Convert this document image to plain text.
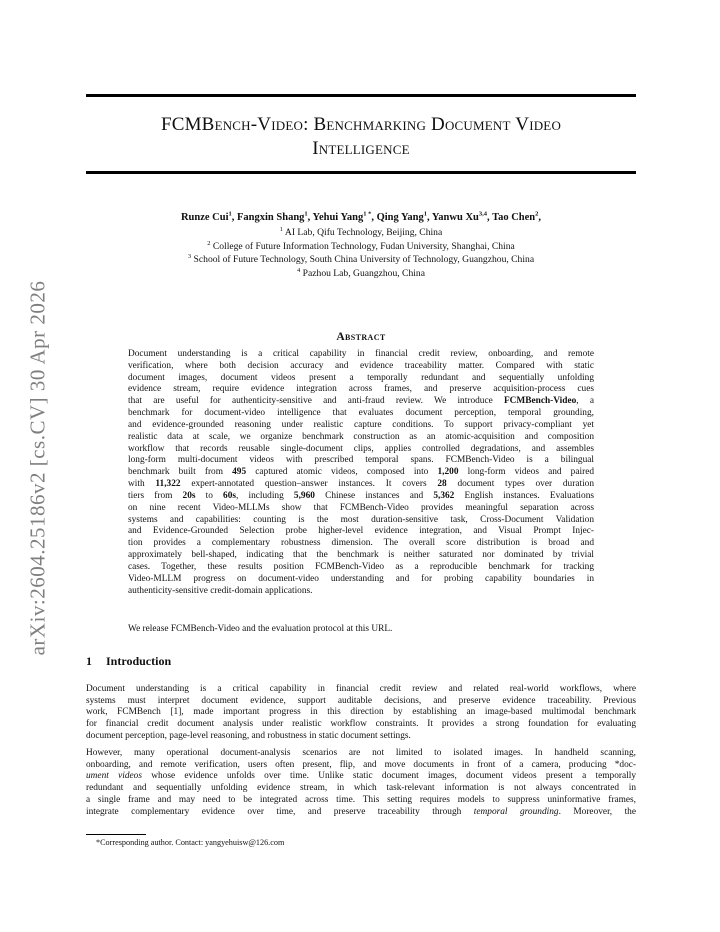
arXiv:2604.25186v2 [cs.CV] 30 Apr 2026
FCMBench-Video: Benchmarking Document Video
Intelligence
Runze Cui$^1$, Fangxin Shang$^1$, Yehui Yang$^{1 *}$, Qing Yang$^1$, Yanwu Xu$^{3,4}$, Tao Chen$^2$,
$^1$ AI Lab, Qifu Technology, Beijing, China
$^2$ College of Future Information Technology, Fudan University, Shanghai, China
$^3$ School of Future Technology, South China University of Technology, Guangzhou, China
$^4$ Pazhou Lab, Guangzhou, China
Abstract
Document understanding is a critical capability in financial credit review, onboarding, and remote
verification, where both decision accuracy and evidence traceability matter. Compared with static
document images, document videos present a temporally redundant and sequentially unfolding
evidence stream, require evidence integration across frames, and preserve acquisition-process cues
that are useful for authenticity-sensitive and anti-fraud review. We introduce FCMBench-Video, a
benchmark for document-video intelligence that evaluates document perception, temporal grounding,
and evidence-grounded reasoning under realistic capture conditions. To support privacy-compliant yet
realistic data at scale, we organize benchmark construction as an atomic-acquisition and composition
workflow that records reusable single-document clips, applies controlled degradations, and assembles
long-form multi-document videos with prescribed temporal spans. FCMBench-Video is a bilingual
benchmark built from 495 captured atomic videos, composed into 1,200 long-form videos and paired
with 11,322 expert-annotated question–answer instances. It covers 28 document types over duration
tiers from 20s to 60s, including 5,960 Chinese instances and 5,362 English instances. Evaluations
on nine recent Video-MLLMs show that FCMBench-Video provides meaningful separation across
systems and capabilities: counting is the most duration-sensitive task, Cross-Document Validation
and Evidence-Grounded Selection probe higher-level evidence integration, and Visual Prompt Injec-
tion provides a complementary robustness dimension. The overall score distribution is broad and
approximately bell-shaped, indicating that the benchmark is neither saturated nor dominated by trivial
cases. Together, these results position FCMBench-Video as a reproducible benchmark for tracking
Video-MLLM progress on document-video understanding and for probing capability boundaries in
authenticity-sensitive credit-domain applications.
We release FCMBench-Video and the evaluation protocol at this URL.
1 Introduction
Document understanding is a critical capability in financial credit review and related real-world workflows, where
systems must interpret document evidence, support auditable decisions, and preserve evidence traceability. Previous
work, FCMBench [1], made important progress in this direction by establishing an image-based multimodal benchmark
for financial credit document analysis under realistic workflow constraints. It provides a strong foundation for evaluating
document perception, page-level reasoning, and robustness in static document settings.
However, many operational document-analysis scenarios are not limited to isolated images. In handheld scanning,
onboarding, and remote verification, users often present, flip, and move documents in front of a camera, producing *doc-
ument videos whose evidence unfolds over time. Unlike static document images, document videos present a temporally
redundant and sequentially unfolding evidence stream, in which task-relevant information is not always concentrated in
a single frame and may need to be integrated across time. This setting requires models to suppress uninformative frames,
integrate complementary evidence over time, and preserve traceability through temporal grounding. Moreover, the
*Corresponding author. Contact: yangyehuisw@126.com
